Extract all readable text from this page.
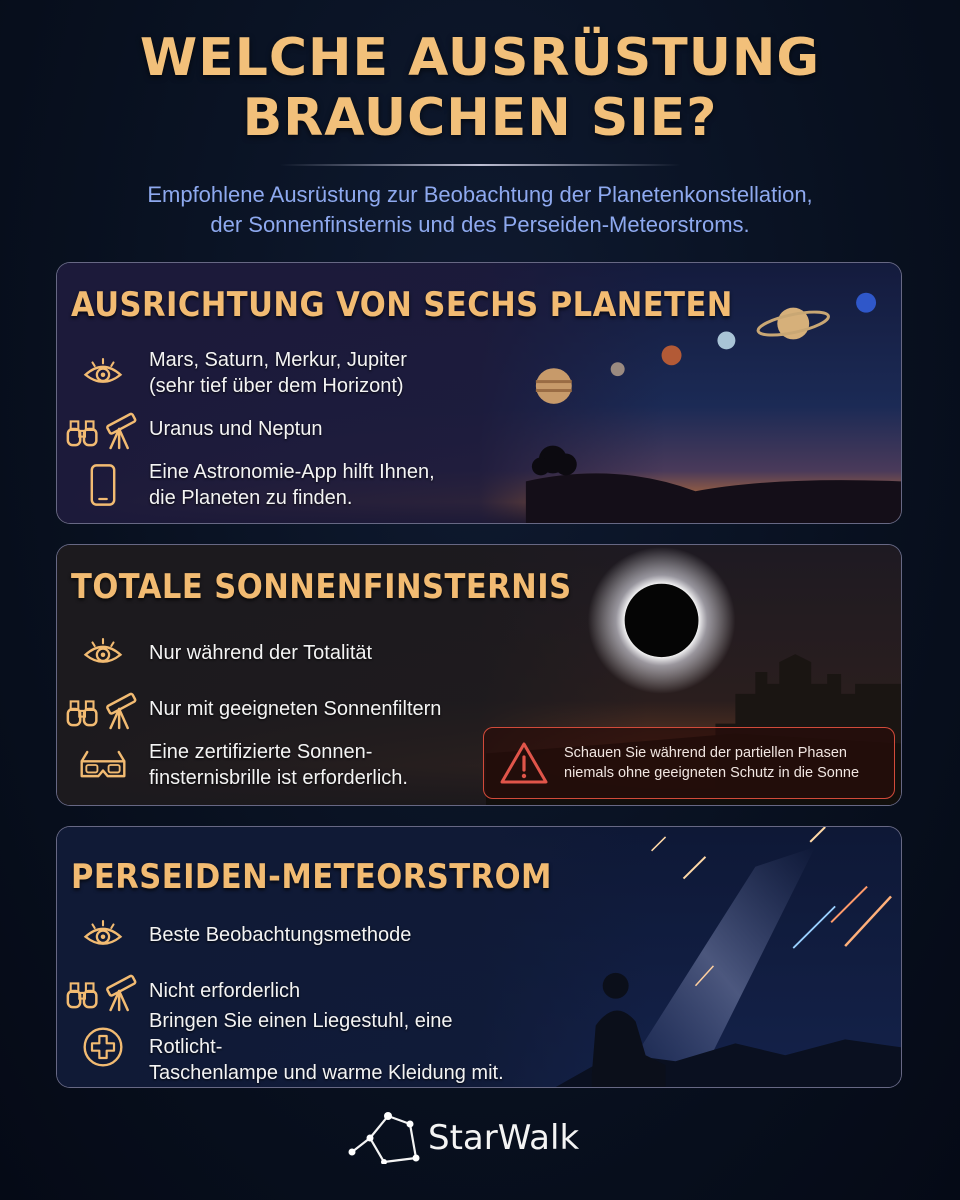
WELCHE AUSRÜSTUNG
BRAUCHEN SIE?
Empfohlene Ausrüstung zur Beobachtung der Planetenkonstellation,
der Sonnenfinsternis und des Perseiden-Meteorstroms.
AUSRICHTUNG VON SECHS PLANETEN
Mars, Saturn, Merkur, Jupiter
(sehr tief über dem Horizont)
Uranus und Neptun
Eine Astronomie-App hilft Ihnen,
die Planeten zu finden.
TOTALE SONNENFINSTERNIS
Nur während der Totalität
Nur mit geeigneten Sonnenfiltern
Eine zertifizierte Sonnen-
finsternisbrille ist erforderlich.
Schauen Sie während der partiellen Phasen
niemals ohne geeigneten Schutz in die Sonne
PERSEIDEN-METEORSTROM
Beste Beobachtungsmethode
Nicht erforderlich
Bringen Sie einen Liegestuhl, eine Rotlicht-
Taschenlampe und warme Kleidung mit.
StarWalk
